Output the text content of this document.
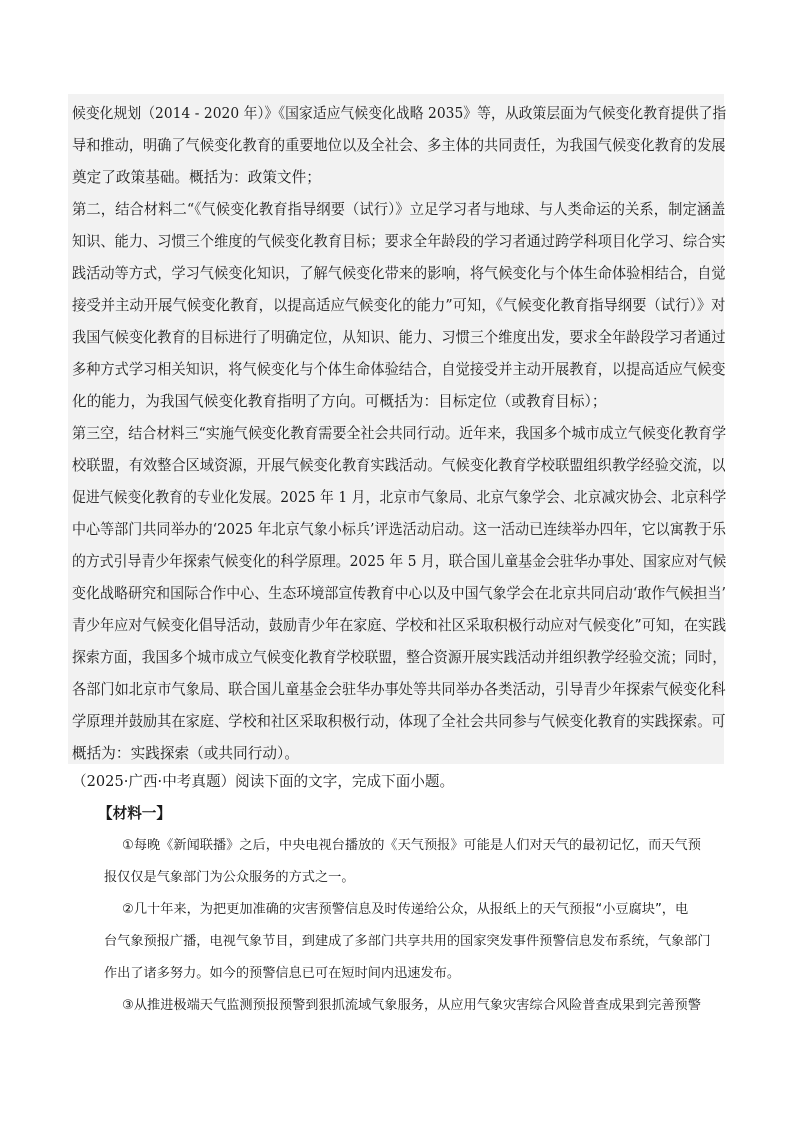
候变化规划（2014 - 2020 年）》《国家适应气候变化战略 2035》等，从政策层面为气候变化教育提供了指
导和推动，明确了气候变化教育的重要地位以及全社会、多主体的共同责任，为我国气候变化教育的发展
奠定了政策基础。概括为：政策文件；
第二，结合材料二“《气候变化教育指导纲要（试行）》立足学习者与地球、与人类命运的关系，制定涵盖
知识、能力、习惯三个维度的气候变化教育目标；要求全年龄段的学习者通过跨学科项目化学习、综合实
践活动等方式，学习气候变化知识，了解气候变化带来的影响，将气候变化与个体生命体验相结合，自觉
接受并主动开展气候变化教育，以提高适应气候变化的能力”可知，《气候变化教育指导纲要（试行）》对
我国气候变化教育的目标进行了明确定位，从知识、能力、习惯三个维度出发，要求全年龄段学习者通过
多种方式学习相关知识，将气候变化与个体生命体验结合，自觉接受并主动开展教育，以提高适应气候变
化的能力，为我国气候变化教育指明了方向。可概括为：目标定位（或教育目标）；
第三空，结合材料三“实施气候变化教育需要全社会共同行动。近年来，我国多个城市成立气候变化教育学
校联盟，有效整合区域资源，开展气候变化教育实践活动。气候变化教育学校联盟组织教学经验交流，以
促进气候变化教育的专业化发展。2025 年 1 月，北京市气象局、北京气象学会、北京减灾协会、北京科学
中心等部门共同举办的‘2025 年北京气象小标兵’评选活动启动。这一活动已连续举办四年，它以寓教于乐
的方式引导青少年探索气候变化的科学原理。2025 年 5 月，联合国儿童基金会驻华办事处、国家应对气候
变化战略研究和国际合作中心、生态环境部宣传教育中心以及中国气象学会在北京共同启动‘敢作气候担当’
青少年应对气候变化倡导活动，鼓励青少年在家庭、学校和社区采取积极行动应对气候变化”可知，在实践
探索方面，我国多个城市成立气候变化教育学校联盟，整合资源开展实践活动并组织教学经验交流；同时，
各部门如北京市气象局、联合国儿童基金会驻华办事处等共同举办各类活动，引导青少年探索气候变化科
学原理并鼓励其在家庭、学校和社区采取积极行动，体现了全社会共同参与气候变化教育的实践探索。可
概括为：实践探索（或共同行动）。
（2025·广西·中考真题）阅读下面的文字，完成下面小题。
【材料一】
①每晚《新闻联播》之后，中央电视台播放的《天气预报》可能是人们对天气的最初记忆，而天气预
报仅仅是气象部门为公众服务的方式之一。
②几十年来，为把更加准确的灾害预警信息及时传递给公众，从报纸上的天气预报“小豆腐块”，电
台气象预报广播，电视气象节目，到建成了多部门共享共用的国家突发事件预警信息发布系统，气象部门
作出了诸多努力。如今的预警信息已可在短时间内迅速发布。
③从推进极端天气监测预报预警到狠抓流域气象服务，从应用气象灾害综合风险普查成果到完善预警
